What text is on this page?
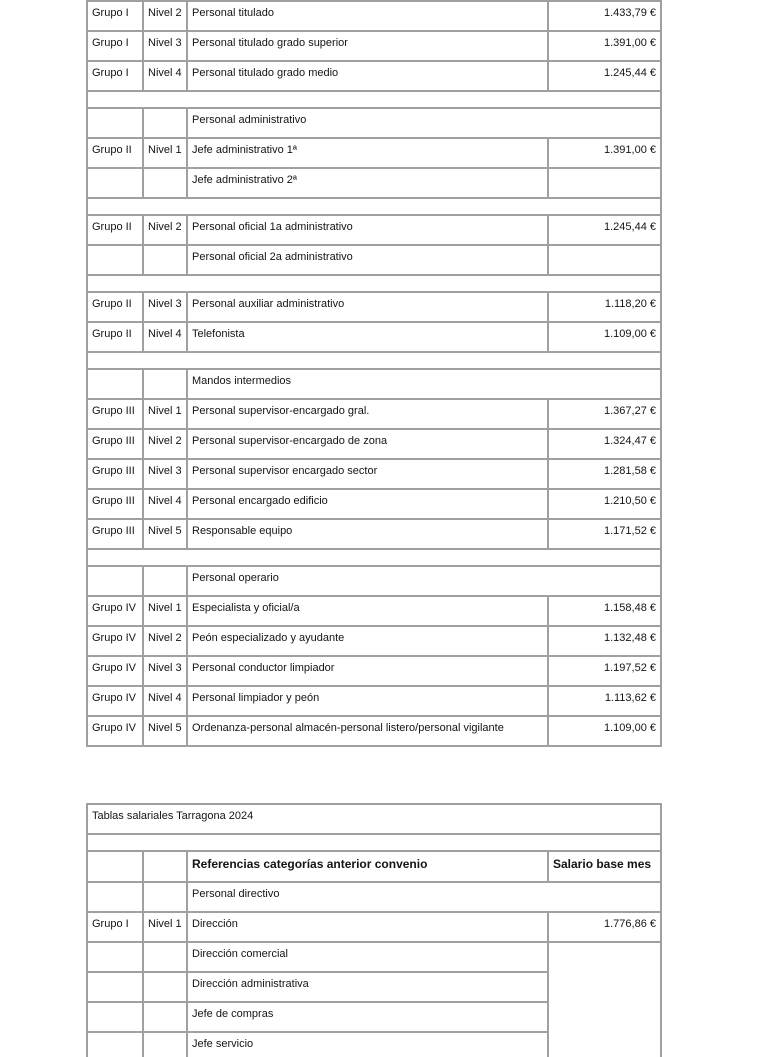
Grupo I	Nivel 2	Personal titulado	1.433,79 €
Grupo I	Nivel 3	Personal titulado grado superior	1.391,00 €
Grupo I	Nivel 4	Personal titulado grado medio	1.245,44 €

		Personal administrativo	
Grupo II	Nivel 1	Jefe administrativo 1ª	1.391,00 €
		Jefe administrativo 2ª	

Grupo II	Nivel 2	Personal oficial 1a administrativo	1.245,44 €
		Personal oficial 2a administrativo	

Grupo II	Nivel 3	Personal auxiliar administrativo	1.118,20 €
Grupo II	Nivel 4	Telefonista	1.109,00 €

		Mandos intermedios	
Grupo III	Nivel 1	Personal supervisor-encargado gral.	1.367,27 €
Grupo III	Nivel 2	Personal supervisor-encargado de zona	1.324,47 €
Grupo III	Nivel 3	Personal supervisor encargado sector	1.281,58 €
Grupo III	Nivel 4	Personal encargado edificio	1.210,50 €
Grupo III	Nivel 5	Responsable equipo	1.171,52 €

		Personal operario	
Grupo IV	Nivel 1	Especialista y oficial/a	1.158,48 €
Grupo IV	Nivel 2	Peón especializado y ayudante	1.132,48 €
Grupo IV	Nivel 3	Personal conductor limpiador	1.197,52 €
Grupo IV	Nivel 4	Personal limpiador y peón	1.113,62 €
Grupo IV	Nivel 5	Ordenanza-personal almacén-personal listero/personal vigilante	1.109,00 €
Tablas salariales Tarragona 2024			

		Referencias categorías anterior convenio	Salario base mes
		Personal directivo	
Grupo I	Nivel 1	Dirección	1.776,86 €
		Dirección comercial	
		Dirección administrativa	
		Jefe de compras	
		Jefe servicio	
